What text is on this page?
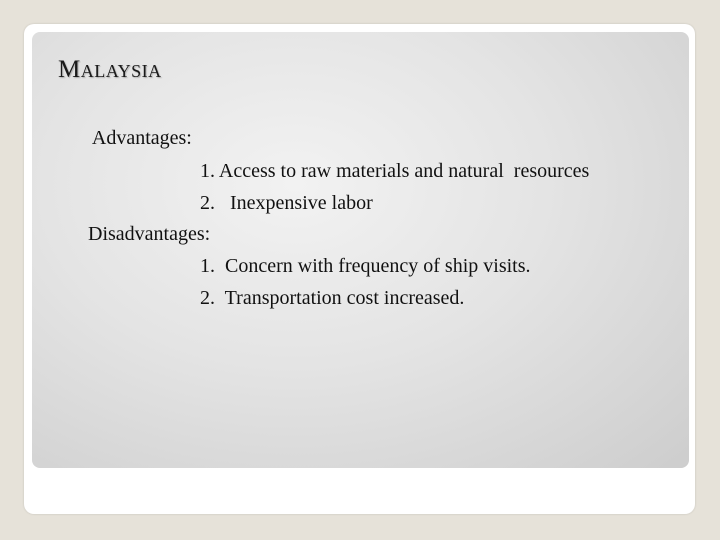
Malaysia

Advantages:

1. Access to raw materials and natural  resources

2.   Inexpensive labor

Disadvantages:

1.  Concern with frequency of ship visits.

2.  Transportation cost increased.
